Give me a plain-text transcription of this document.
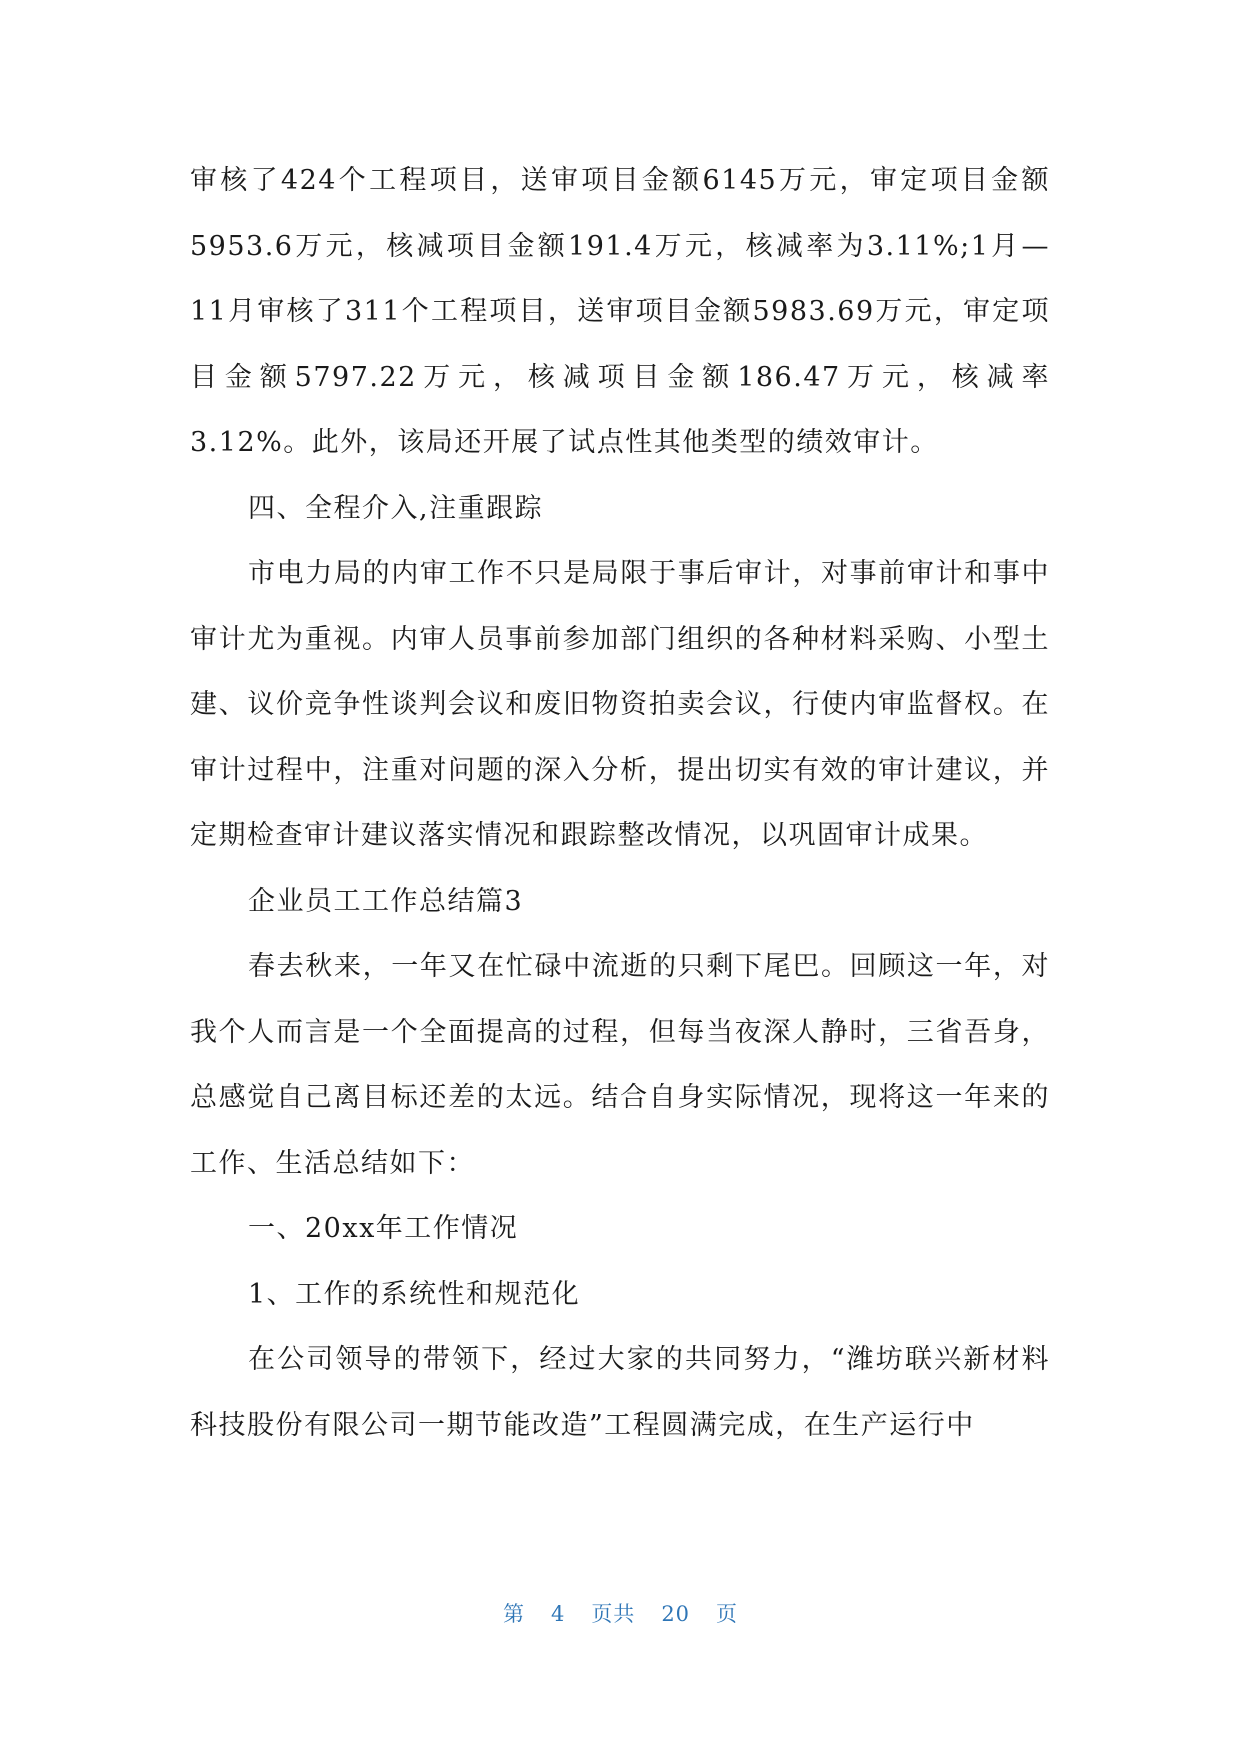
审核了424个工程项目，送审项目金额6145万元，审定项目金额5953.6万元，核减项目金额191.4万元，核减率为3.11%;1月—11月审核了311个工程项目，送审项目金额5983.69万元，审定项目金额5797.22万元，核减项目金额186.47万元，核减率3.12%。此外，该局还开展了试点性其他类型的绩效审计。

四、全程介入,注重跟踪

市电力局的内审工作不只是局限于事后审计，对事前审计和事中审计尤为重视。内审人员事前参加部门组织的各种材料采购、小型土建、议价竞争性谈判会议和废旧物资拍卖会议，行使内审监督权。在审计过程中，注重对问题的深入分析，提出切实有效的审计建议，并定期检查审计建议落实情况和跟踪整改情况，以巩固审计成果。

企业员工工作总结篇3

春去秋来，一年又在忙碌中流逝的只剩下尾巴。回顾这一年，对我个人而言是一个全面提高的过程，但每当夜深人静时，三省吾身，总感觉自己离目标还差的太远。结合自身实际情况，现将这一年来的工作、生活总结如下：

一、20xx年工作情况

1、工作的系统性和规范化

在公司领导的带领下，经过大家的共同努力，“潍坊联兴新材料科技股份有限公司一期节能改造”工程圆满完成，在生产运行中

第 4 页共 20 页
